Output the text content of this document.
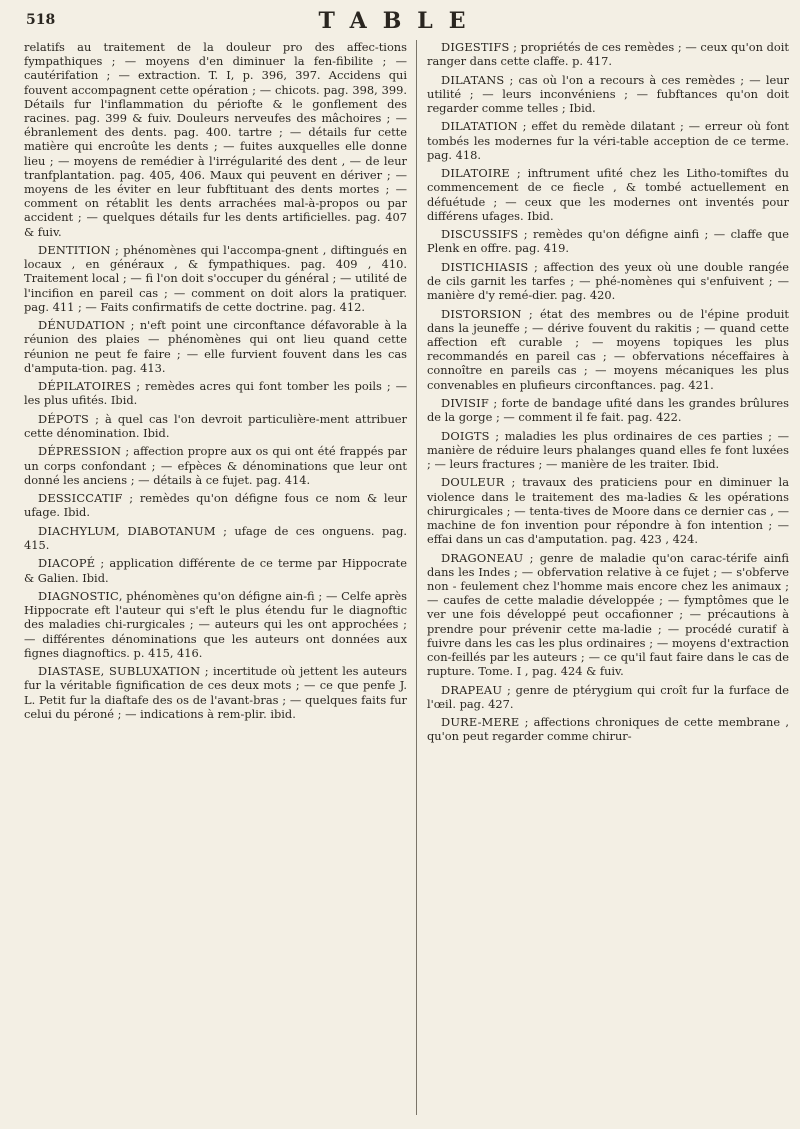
518	TABLE

relatifs au traitement de la douleur pro des affec-tions fympathiques ; — moyens d'en diminuer la fen-fibilite ; — cautérifation ; — extraction. T. I, p. 396, 397. Accidens qui fouvent accompagnent cette opération ; — chicots. pag. 398, 399. Détails fur l'inflammation du périofte & le gonflement des racines. pag. 399 & fuiv. Douleurs nerveufes des mâchoires ; — ébranlement des dents. pag. 400. tartre ; — détails fur cette matière qui encroûte les dents ; — fuites auxquelles elle donne lieu ; — moyens de remédier à l'irrégularité des dent , — de leur tranfplantation. pag. 405, 406. Maux qui peuvent en dériver ; — moyens de les éviter en leur fubftituant des dents mortes ; — comment on rétablit les dents arrachées mal-à-propos ou par accident ; — quelques détails fur les dents artificielles. pag. 407 & fuiv.

DENTITION ; phénomènes qui l'accompa-gnent , diftingués en locaux , en généraux , & fympathiques. pag. 409 , 410. Traitement local ; — fi l'on doit s'occuper du général ; — utilité de l'incifion en pareil cas ; — comment on doit alors la pratiquer. pag. 411 ; — Faits confirmatifs de cette doctrine. pag. 412.

DÉNUDATION ; n'eft point une circonftance défavorable à la réunion des plaies — phénomènes qui ont lieu quand cette réunion ne peut fe faire ; — elle furvient fouvent dans les cas d'amputa-tion. pag. 413.

DÉPILATOIRES ; remèdes acres qui font tomber les poils ; — les plus ufités. Ibid.

DÉPOTS ; à quel cas l'on devroit particulière-ment attribuer cette dénomination. Ibid.

DÉPRESSION ; affection propre aux os qui ont été frappés par un corps confondant ; — efpèces & dénominations que leur ont donné les anciens ; — détails à ce fujet. pag. 414.

DESSICCATIF ; remèdes qu'on défigne fous ce nom & leur ufage. Ibid.

DIACHYLUM, DIABOTANUM ; ufage de ces onguens. pag. 415.

DIACOPÉ ; application différente de ce terme par Hippocrate & Galien. Ibid.

DIAGNOSTIC, phénomènes qu'on défigne ain-fi ; — Celfe après Hippocrate eft l'auteur qui s'eft le plus étendu fur le diagnoftic des maladies chi-rurgicales ; — auteurs qui les ont approchées ; — différentes dénominations que les auteurs ont données aux fignes diagnoftics. p. 415, 416.

DIASTASE, SUBLUXATION ; incertitude où jettent les auteurs fur la véritable fignification de ces deux mots ; — ce que penfe J. L. Petit fur la diaftafe des os de l'avant-bras ; — quelques faits fur celui du péroné ; — indications à rem-plir. ibid.

DIGESTIFS ; propriétés de ces remèdes ; — ceux qu'on doit ranger dans cette claffe. p. 417.

DILATANS ; cas où l'on a recours à ces remèdes ; — leur utilité ; — leurs inconvéniens ; — fubftances qu'on doit regarder comme telles ; Ibid.

DILATATION ; effet du remède dilatant ; — erreur où font tombés les modernes fur la véri-table acception de ce terme. pag. 418.

DILATOIRE ; inftrument ufité chez les Litho-tomiftes du commencement de ce fiecle , & tombé actuellement en défuétude ; — ceux que les modernes ont inventés pour différens ufages. Ibid.

DISCUSSIFS ; remèdes qu'on défigne ainfi ; — claffe que Plenk en offre. pag. 419.

DISTICHIASIS ; affection des yeux où une double rangée de cils garnit les tarfes ; — phé-nomènes qui s'enfuivent ; — manière d'y remé-dier. pag. 420.

DISTORSION ; état des membres ou de l'épine produit dans la jeuneffe ; — dérive fouvent du rakitis ; — quand cette affection eft curable ; — moyens topiques les plus recommandés en pareil cas ; — obfervations néceffaires à connoître en pareils cas ; — moyens mécaniques les plus convenables en plufieurs circonftances. pag. 421.

DIVISIF ; forte de bandage ufité dans les grandes brûlures de la gorge ; — comment il fe fait. pag. 422.

DOIGTS ; maladies les plus ordinaires de ces parties ; — manière de réduire leurs phalanges quand elles fe font luxées ; — leurs fractures ; — manière de les traiter. Ibid.

DOULEUR ; travaux des praticiens pour en diminuer la violence dans le traitement des ma-ladies & les opérations chirurgicales ; — tenta-tives de Moore dans ce dernier cas , — machine de fon invention pour répondre à fon intention ; — effai dans un cas d'amputation. pag. 423 , 424.

DRAGONEAU ; genre de maladie qu'on carac-térife ainfi dans les Indes ; — obfervation relative à ce fujet ; — s'obferve non - feulement chez l'homme mais encore chez les animaux ; — caufes de cette maladie développée ; — fymptômes que le ver une fois développé peut occafionner ; — précautions à prendre pour prévenir cette ma-ladie ; — procédé curatif à fuivre dans les cas les plus ordinaires ; — moyens d'extraction con-feillés par les auteurs ; — ce qu'il faut faire dans le cas de rupture. Tome. I , pag. 424 & fuiv.

DRAPEAU ; genre de ptérygium qui croît fur la furface de l'œil. pag. 427.

DURE-MERE ; affections chroniques de cette membrane , qu'on peut regarder comme chirur-
